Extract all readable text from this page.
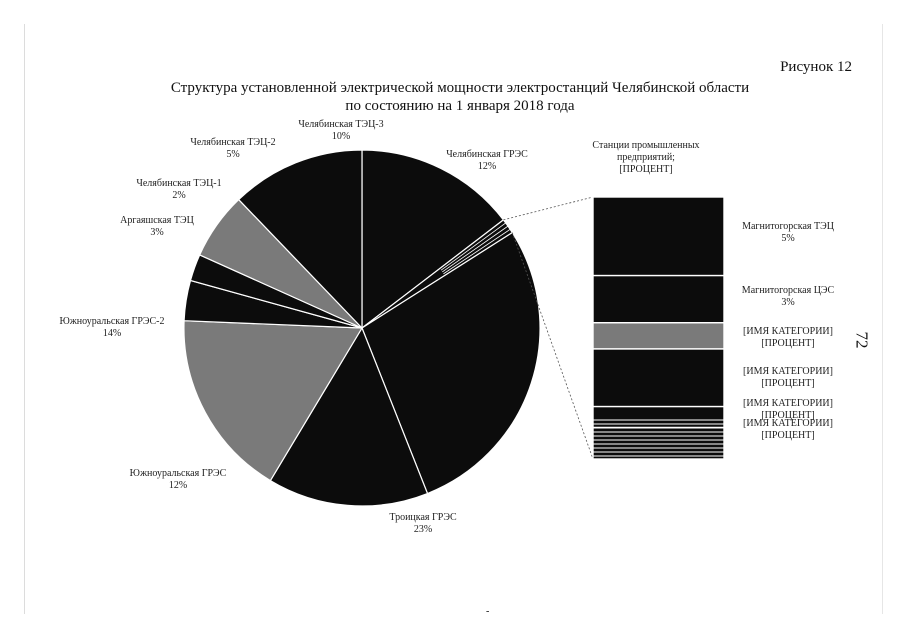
Рисунок 12
Структура установленной электрической мощности электростанций Челябинской области
по состоянию на 1 января 2018 года
72
-
Челябинская ГРЭС 12%
Станции промышленных предприятий; [ПРОЦЕНТ]
Троицкая ГРЭС 23%
Южноуральская ГРЭС 12%
Южноуральская ГРЭС-2 14%
Аргаяшская ТЭЦ 3%
Челябинская ТЭЦ-1 2%
Челябинская ТЭЦ-2 5%
Челябинская ТЭЦ-3 10%
Магнитогорская ТЭЦ 5%
Магнитогорская ЦЭС 3%
[ИМЯ КАТЕГОРИИ] [ПРОЦЕНТ]
[ИМЯ КАТЕГОРИИ] [ПРОЦЕНТ]
[ИМЯ КАТЕГОРИИ] [ПРОЦЕНТ]
[ИМЯ КАТЕГОРИИ] [ПРОЦЕНТ]
